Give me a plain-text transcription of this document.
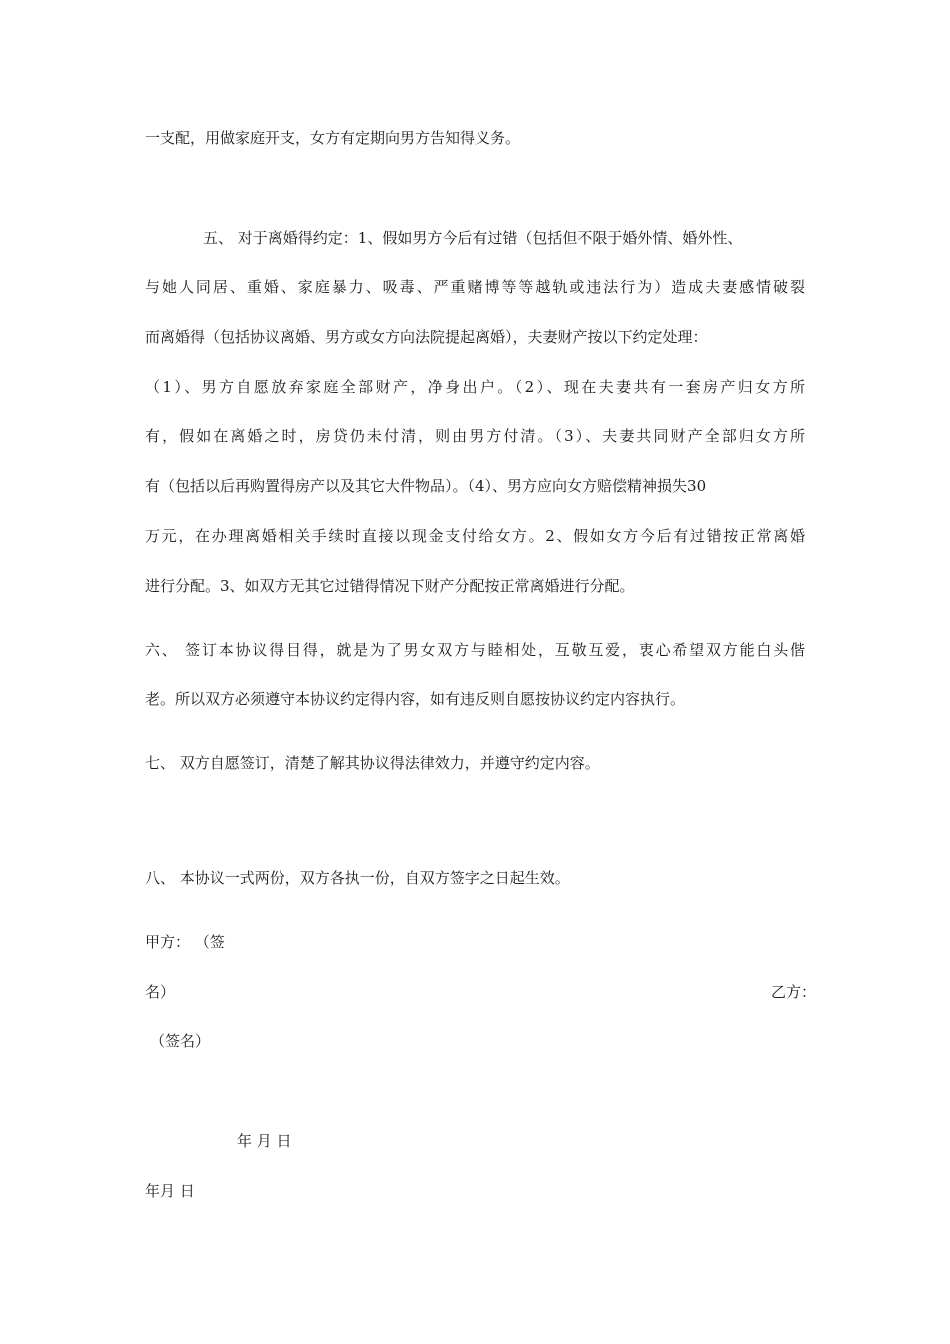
一支配，用做家庭开支，女方有定期向男方告知得义务。
五、 对于离婚得约定：1、假如男方今后有过错（包括但不限于婚外情、婚外性、
与她人同居、重婚、家庭暴力、吸毒、严重赌博等等越轨或违法行为）造成夫妻感情破裂
而离婚得（包括协议离婚、男方或女方向法院提起离婚），夫妻财产按以下约定处理：
（1）、男方自愿放弃家庭全部财产，净身出户。（2）、现在夫妻共有一套房产归女方所
有，假如在离婚之时，房贷仍未付清，则由男方付清。（3）、夫妻共同财产全部归女方所
有（包括以后再购置得房产以及其它大件物品）。（4）、男方应向女方赔偿精神损失30
万元，在办理离婚相关手续时直接以现金支付给女方。2、假如女方今后有过错按正常离婚
进行分配。3、如双方无其它过错得情况下财产分配按正常离婚进行分配。
六、 签订本协议得目得，就是为了男女双方与睦相处，互敬互爱，衷心希望双方能白头偕
老。所以双方必须遵守本协议约定得内容，如有违反则自愿按协议约定内容执行。
七、 双方自愿签订，清楚了解其协议得法律效力，并遵守约定内容。
八、 本协议一式两份，双方各执一份，自双方签字之日起生效。
甲方： （签
名）	乙方：
（签名）
年 月 日
年月 日
